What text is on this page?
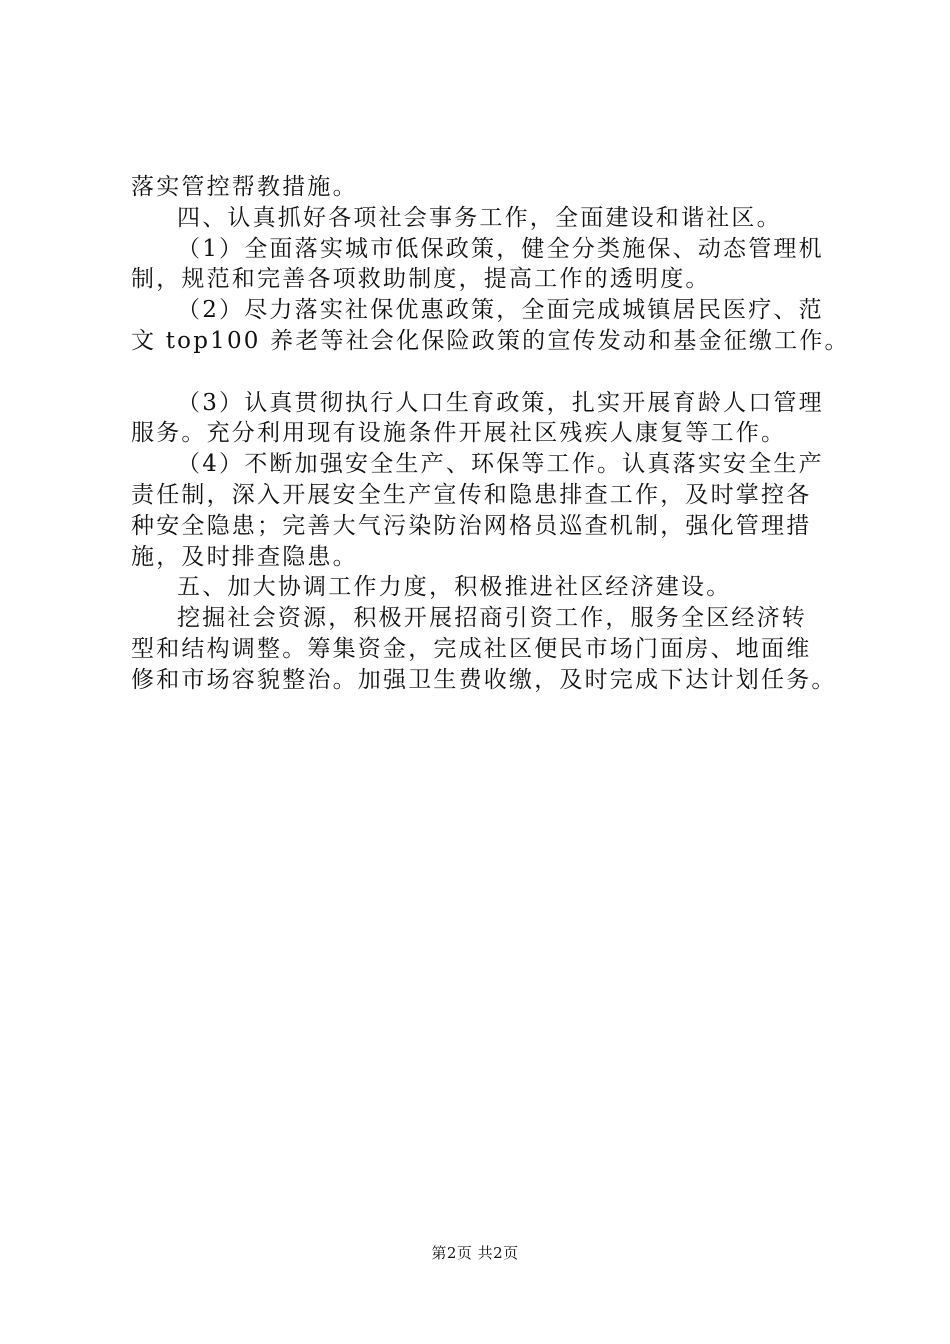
落实管控帮教措施。
四、认真抓好各项社会事务工作，全面建设和谐社区。
（1）全面落实城市低保政策，健全分类施保、动态管理机
制，规范和完善各项救助制度，提高工作的透明度。
（2）尽力落实社保优惠政策，全面完成城镇居民医疗、范
文 top100 养老等社会化保险政策的宣传发动和基金征缴工作。
（3）认真贯彻执行人口生育政策，扎实开展育龄人口管理
服务。充分利用现有设施条件开展社区残疾人康复等工作。
（4）不断加强安全生产、环保等工作。认真落实安全生产
责任制，深入开展安全生产宣传和隐患排查工作，及时掌控各
种安全隐患；完善大气污染防治网格员巡查机制，强化管理措
施，及时排查隐患。
五、加大协调工作力度，积极推进社区经济建设。
挖掘社会资源，积极开展招商引资工作，服务全区经济转
型和结构调整。筹集资金，完成社区便民市场门面房、地面维
修和市场容貌整治。加强卫生费收缴，及时完成下达计划任务。
第2页 共2页
